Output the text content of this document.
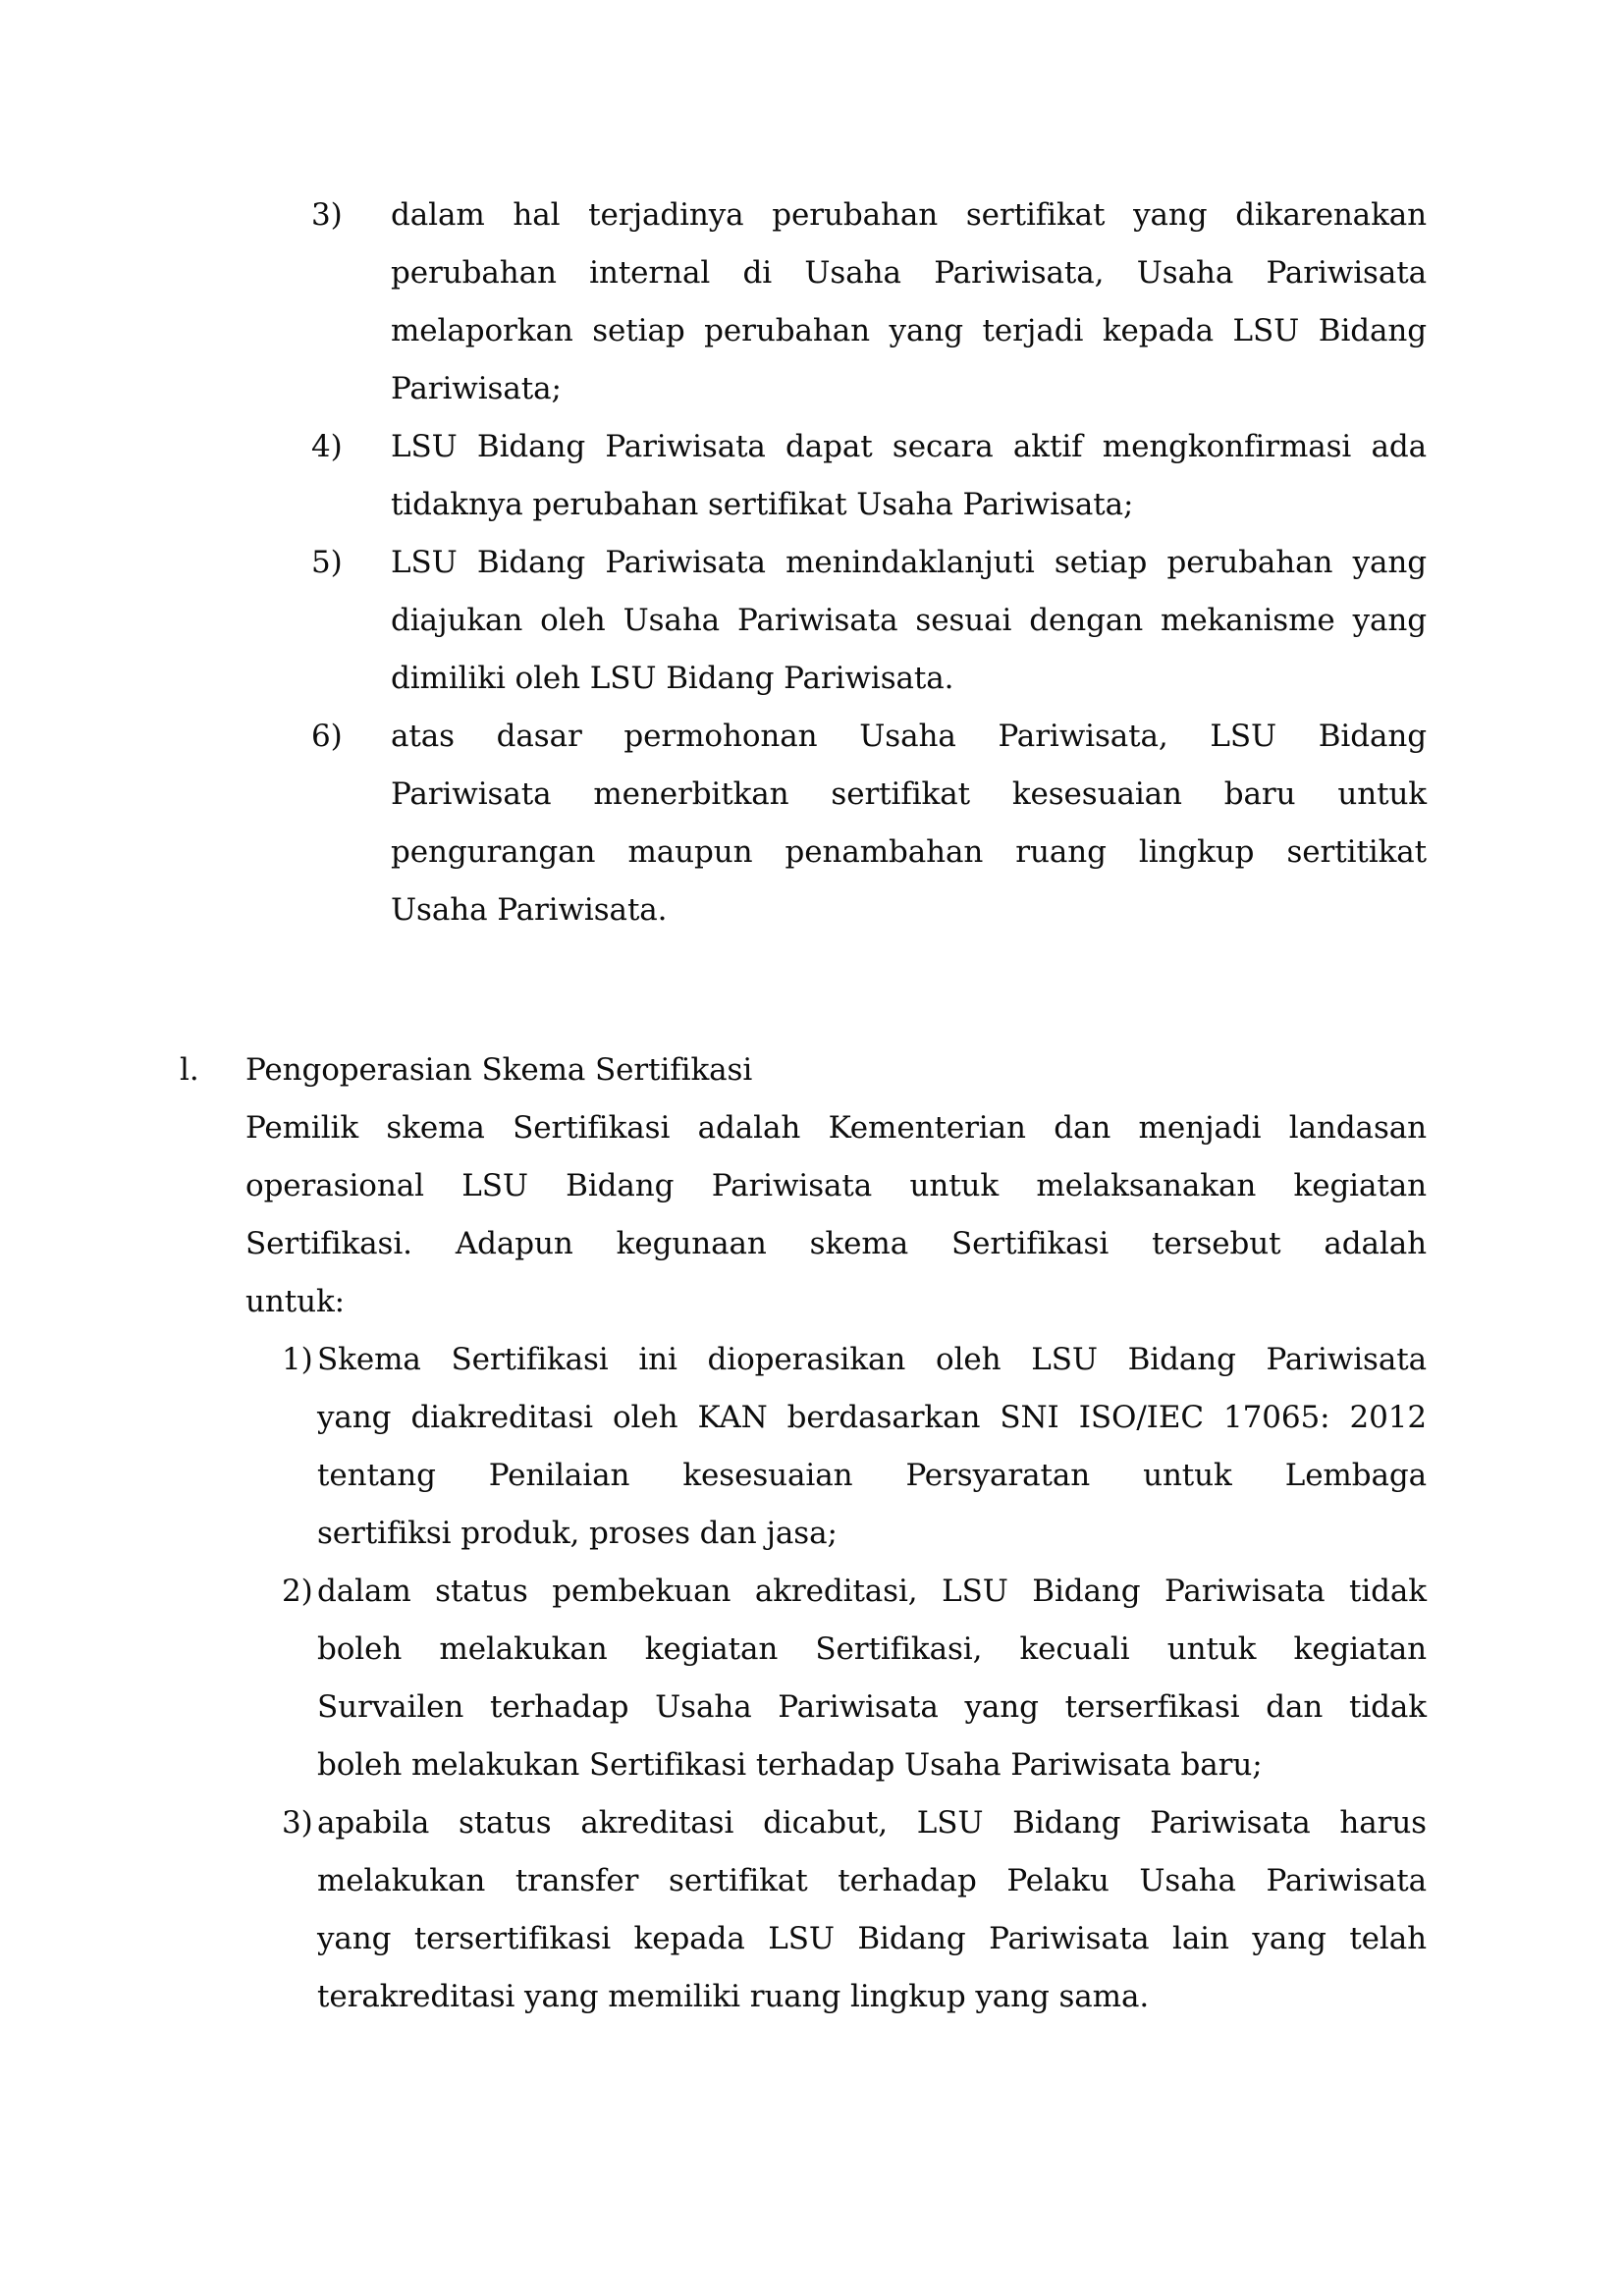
3) dalam hal terjadinya perubahan sertifikat yang dikarenakan
perubahan internal di Usaha Pariwisata, Usaha Pariwisata
melaporkan setiap perubahan yang terjadi kepada LSU Bidang
Pariwisata;
4) LSU Bidang Pariwisata dapat secara aktif mengkonfirmasi ada
tidaknya perubahan sertifikat Usaha Pariwisata;
5) LSU Bidang Pariwisata menindaklanjuti setiap perubahan yang
diajukan oleh Usaha Pariwisata sesuai dengan mekanisme yang
dimiliki oleh LSU Bidang Pariwisata.
6) atas dasar permohonan Usaha Pariwisata, LSU Bidang
Pariwisata menerbitkan sertifikat kesesuaian baru untuk
pengurangan maupun penambahan ruang lingkup sertitikat
Usaha Pariwisata.
l. Pengoperasian Skema Sertifikasi
Pemilik skema Sertifikasi adalah Kementerian dan menjadi landasan
operasional LSU Bidang Pariwisata untuk melaksanakan kegiatan
Sertifikasi. Adapun kegunaan skema Sertifikasi tersebut adalah
untuk:
1) Skema Sertifikasi ini dioperasikan oleh LSU Bidang Pariwisata
yang diakreditasi oleh KAN berdasarkan SNI ISO/IEC 17065: 2012
tentang Penilaian kesesuaian Persyaratan untuk Lembaga
sertifiksi produk, proses dan jasa;
2) dalam status pembekuan akreditasi, LSU Bidang Pariwisata tidak
boleh melakukan kegiatan Sertifikasi, kecuali untuk kegiatan
Survailen terhadap Usaha Pariwisata yang terserfikasi dan tidak
boleh melakukan Sertifikasi terhadap Usaha Pariwisata baru;
3) apabila status akreditasi dicabut, LSU Bidang Pariwisata harus
melakukan transfer sertifikat terhadap Pelaku Usaha Pariwisata
yang tersertifikasi kepada LSU Bidang Pariwisata lain yang telah
terakreditasi yang memiliki ruang lingkup yang sama.
